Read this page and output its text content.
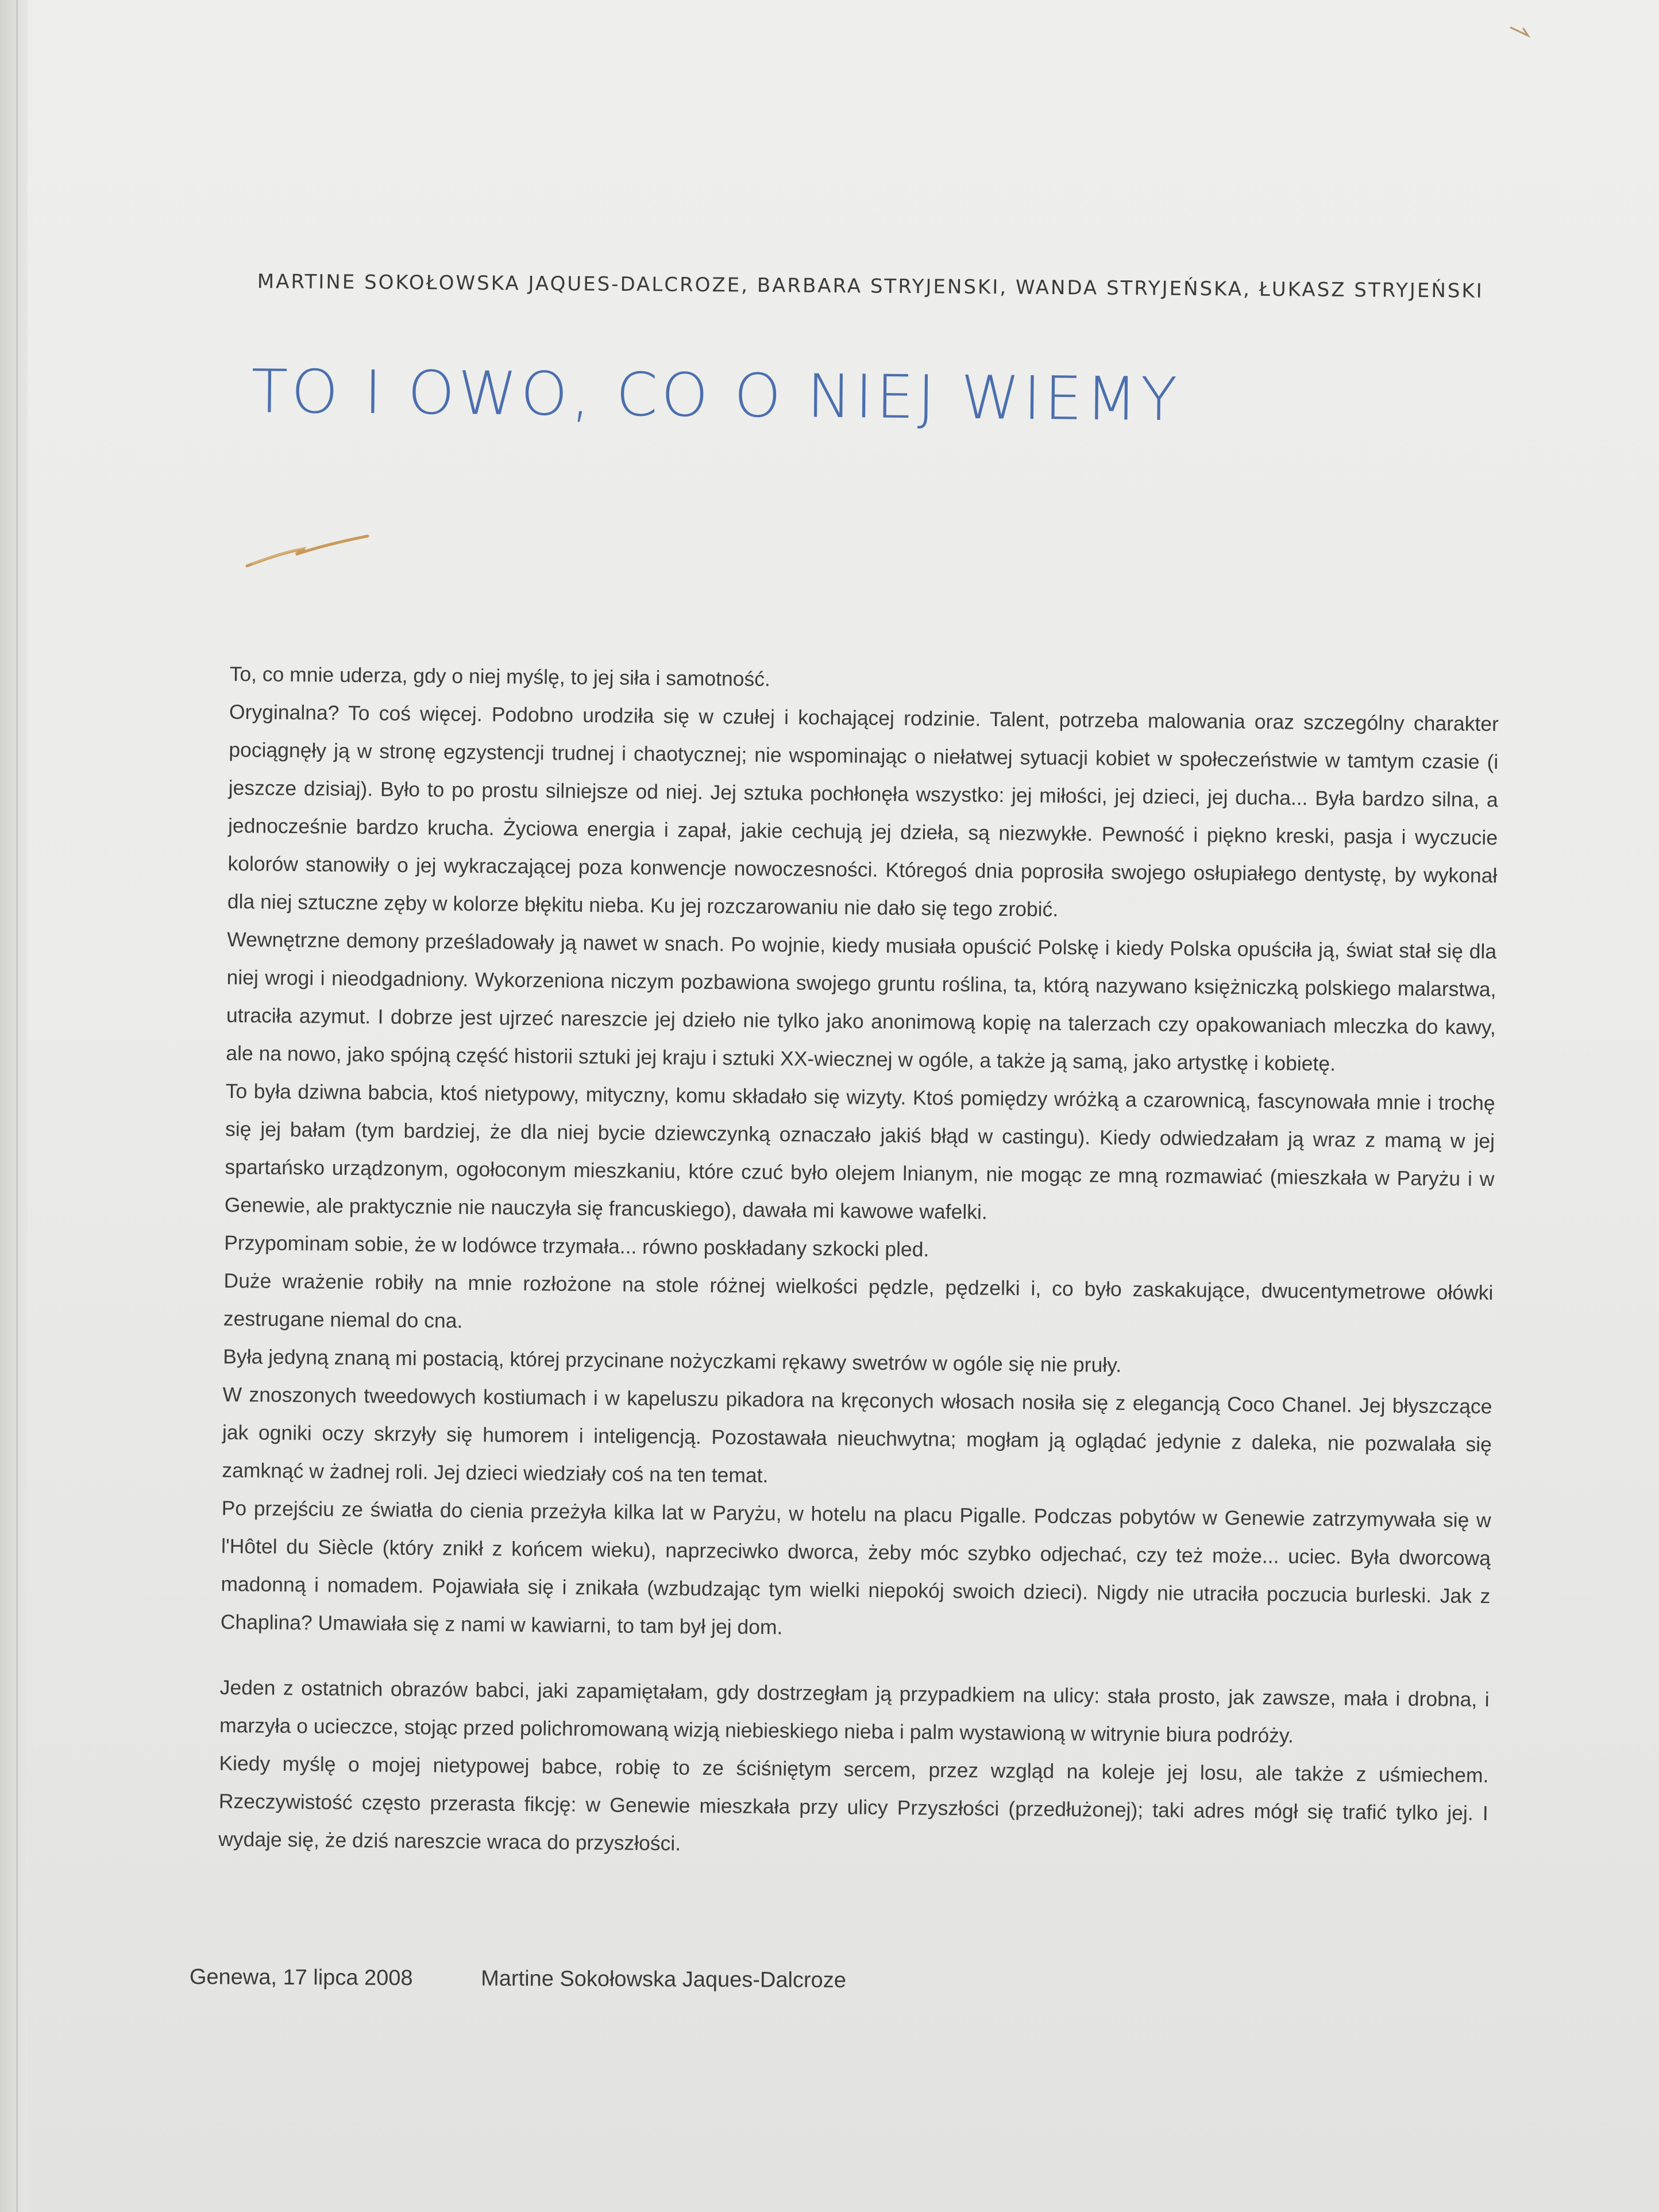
MARTINE SOKOŁOWSKA JAQUES-DALCROZE, BARBARA STRYJENSKI, WANDA STRYJEŃSKA, ŁUKASZ STRYJEŃSKI
TO I OWO, CO O NIEJ WIEMY

To, co mnie uderza, gdy o niej myślę, to jej siła i samotność.

Oryginalna? To coś więcej. Podobno urodziła się w czułej i kochającej rodzinie. Talent, potrzeba malowania oraz szczególny charakter pociągnęły ją w stronę egzystencji trudnej i chaotycznej; nie wspominając o niełatwej sytuacji kobiet w społeczeństwie w tamtym czasie (i jeszcze dzisiaj). Było to po prostu silniejsze od niej. Jej sztuka pochłonęła wszystko: jej miłości, jej dzieci, jej ducha... Była bardzo silna, a jednocześnie bardzo krucha. Życiowa energia i zapał, jakie cechują jej dzieła, są niezwykłe. Pewność i piękno kreski, pasja i wyczucie kolorów stanowiły o jej wykraczającej poza konwencje nowoczesności. Któregoś dnia poprosiła swojego osłupiałego dentystę, by wykonał dla niej sztuczne zęby w kolorze błękitu nieba. Ku jej rozczarowaniu nie dało się tego zrobić.

Wewnętrzne demony prześladowały ją nawet w snach. Po wojnie, kiedy musiała opuścić Polskę i kiedy Polska opuściła ją, świat stał się dla niej wrogi i nieodgadniony. Wykorzeniona niczym pozbawiona swojego gruntu roślina, ta, którą nazywano księżniczką polskiego malarstwa, utraciła azymut. I dobrze jest ujrzeć nareszcie jej dzieło nie tylko jako anonimową kopię na talerzach czy opakowaniach mleczka do kawy, ale na nowo, jako spójną część historii sztuki jej kraju i sztuki XX-wiecznej w ogóle, a także ją samą, jako artystkę i kobietę.

To była dziwna babcia, ktoś nietypowy, mityczny, komu składało się wizyty. Ktoś pomiędzy wróżką a czarownicą, fascynowała mnie i trochę się jej bałam (tym bardziej, że dla niej bycie dziewczynką oznaczało jakiś błąd w castingu). Kiedy odwiedzałam ją wraz z mamą w jej spartańsko urządzonym, ogołoconym mieszkaniu, które czuć było olejem lnianym, nie mogąc ze mną rozmawiać (mieszkała w Paryżu i w Genewie, ale praktycznie nie nauczyła się francuskiego), dawała mi kawowe wafelki.

Przypominam sobie, że w lodówce trzymała... równo poskładany szkocki pled.

Duże wrażenie robiły na mnie rozłożone na stole różnej wielkości pędzle, pędzelki i, co było zaskakujące, dwucentymetrowe ołówki zestrugane niemal do cna.

Była jedyną znaną mi postacią, której przycinane nożyczkami rękawy swetrów w ogóle się nie pruły.

W znoszonych tweedowych kostiumach i w kapeluszu pikadora na kręconych włosach nosiła się z elegancją Coco Chanel. Jej błyszczące jak ogniki oczy skrzyły się humorem i inteligencją. Pozostawała nieuchwytna; mogłam ją oglądać jedynie z daleka, nie pozwalała się zamknąć w żadnej roli. Jej dzieci wiedziały coś na ten temat.

Po przejściu ze światła do cienia przeżyła kilka lat w Paryżu, w hotelu na placu Pigalle. Podczas pobytów w Genewie zatrzymywała się w l'Hôtel du Siècle (który znikł z końcem wieku), naprzeciwko dworca, żeby móc szybko odjechać, czy też może... uciec. Była dworcową madonną i nomadem. Pojawiała się i znikała (wzbudzając tym wielki niepokój swoich dzieci). Nigdy nie utraciła poczucia burleski. Jak z Chaplina? Umawiała się z nami w kawiarni, to tam był jej dom.

Jeden z ostatnich obrazów babci, jaki zapamiętałam, gdy dostrzegłam ją przypadkiem na ulicy: stała prosto, jak zawsze, mała i drobna, i marzyła o ucieczce, stojąc przed polichromowaną wizją niebieskiego nieba i palm wystawioną w witrynie biura podróży.

Kiedy myślę o mojej nietypowej babce, robię to ze ściśniętym sercem, przez wzgląd na koleje jej losu, ale także z uśmiechem. Rzeczywistość często przerasta fikcję: w Genewie mieszkała przy ulicy Przyszłości (przedłużonej); taki adres mógł się trafić tylko jej. I wydaje się, że dziś nareszcie wraca do przyszłości.

Genewa, 17 lipca 2008	Martine Sokołowska Jaques-Dalcroze
